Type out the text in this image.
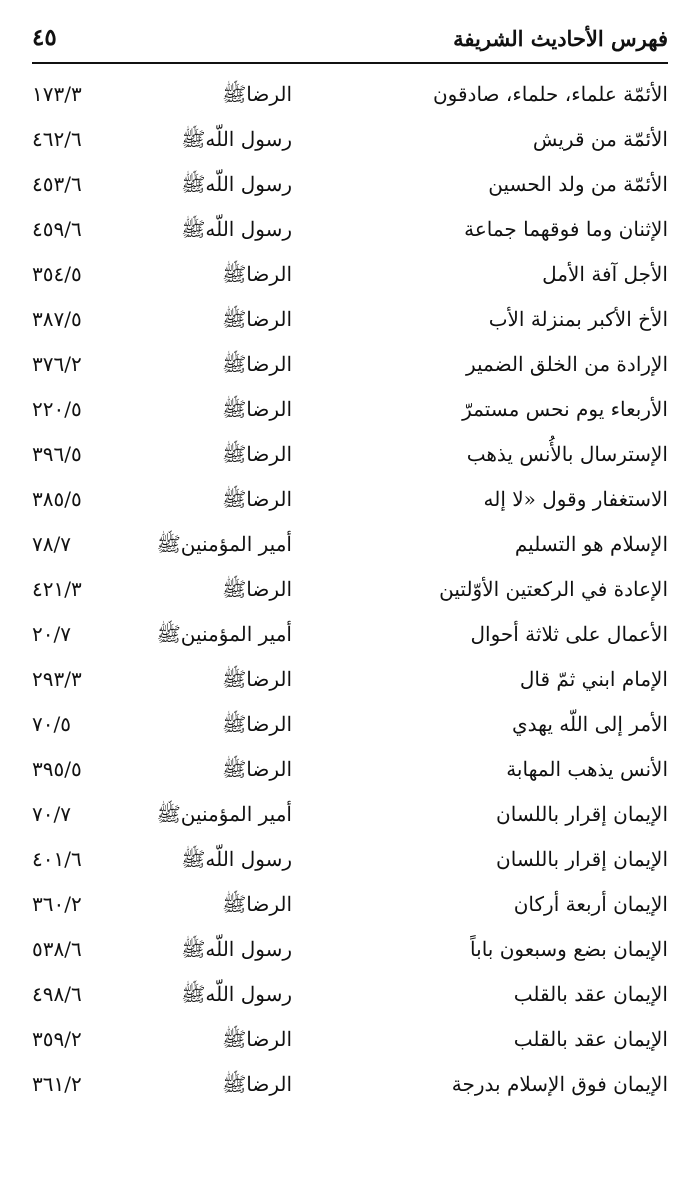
فهرس الأحاديث الشريفة
٤٥
الأئمّة علماء، حلماء، صادقون
الرضاﷺ
١٧٣/٣
الأئمّة من قريش
رسول اللّهﷺ
٤٦٢/٦
الأئمّة من ولد الحسين
رسول اللّهﷺ
٤٥٣/٦
الإثنان وما فوقهما جماعة
رسول اللّهﷺ
٤٥٩/٦
الأجل آفة الأمل
الرضاﷺ
٣٥٤/٥
الأخ الأكبر بمنزلة الأب
الرضاﷺ
٣٨٧/٥
الإرادة من الخلق الضمير
الرضاﷺ
٣٧٦/٢
الأربعاء يوم نحس مستمرّ
الرضاﷺ
٢٢٠/٥
الإسترسال بالأُنس يذهب
الرضاﷺ
٣٩٦/٥
الاستغفار وقول «لا إله
الرضاﷺ
٣٨٥/٥
الإسلام هو التسليم
أمير المؤمنينﷺ
٧٨/٧
الإعادة في الركعتين الأوّلتين
الرضاﷺ
٤٢١/٣
الأعمال على ثلاثة أحوال
أمير المؤمنينﷺ
٢٠/٧
الإمام ابني ثمّ قال
الرضاﷺ
٢٩٣/٣
الأمر إلى اللّه يهدي
الرضاﷺ
٧٠/٥
الأنس يذهب المهابة
الرضاﷺ
٣٩٥/٥
الإيمان إقرار باللسان
أمير المؤمنينﷺ
٧٠/٧
الإيمان إقرار باللسان
رسول اللّهﷺ
٤٠١/٦
الإيمان أربعة أركان
الرضاﷺ
٣٦٠/٢
الإيمان بضع وسبعون باباً
رسول اللّهﷺ
٥٣٨/٦
الإيمان عقد بالقلب
رسول اللّهﷺ
٤٩٨/٦
الإيمان عقد بالقلب
الرضاﷺ
٣٥٩/٢
الإيمان فوق الإسلام بدرجة
الرضاﷺ
٣٦١/٢
